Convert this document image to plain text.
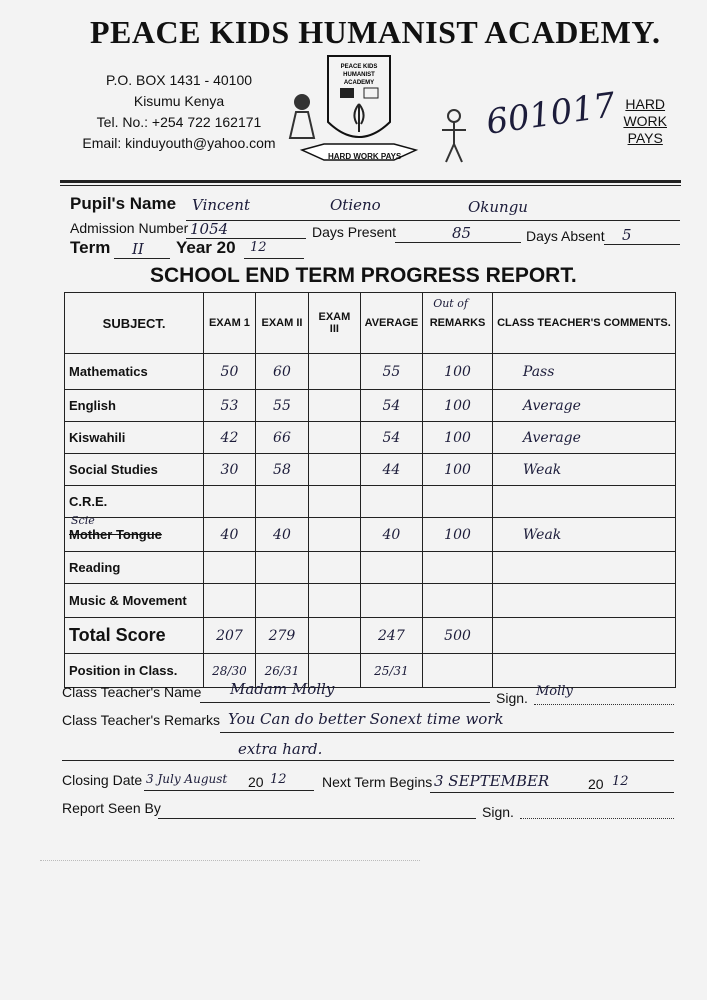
PEACE KIDS HUMANIST ACADEMY.
P.O. BOX 1431 - 40100
Kisumu Kenya
Tel. No.: +254 722 162171
Email: kinduyouth@yahoo.com
PEACE KIDS
HUMANIST
ACADEMY
HARD WORK PAYS
601017 HARD
WORK
PAYS
Pupil's Name Vincent	Otieno	Okungu
Admission Number 1054	Days Present	85	Days Absent 5
Term II Year 20 12
SCHOOL END TERM PROGRESS REPORT.
SUBJECT.	EXAM 1	EXAM II	EXAM III	AVERAGE	Out of
REMARKS	CLASS TEACHER'S COMMENTS.
Mathematics	50	60		55	100	Pass
English	53	55		54	100	Average
Kiswahili	42	66		54	100	Average
Social Studies	30	58		44	100	Weak
C.R.E.						

Scie
Mother Tongue	40	40		40	100	Weak
Reading						
Music & Movement						
Total Score	207	279		247	500	
Position in Class.	28/30	26/31		25/31		
Class Teacher's Name Madam Molly	Sign. Molly
Class Teacher's Remarks You Can do better Sonext time work
extra hard.
Closing Date 3 July August 20 12	Next Term Begins 3 SEPTEMBER	20 12
Report Seen By	Sign.
